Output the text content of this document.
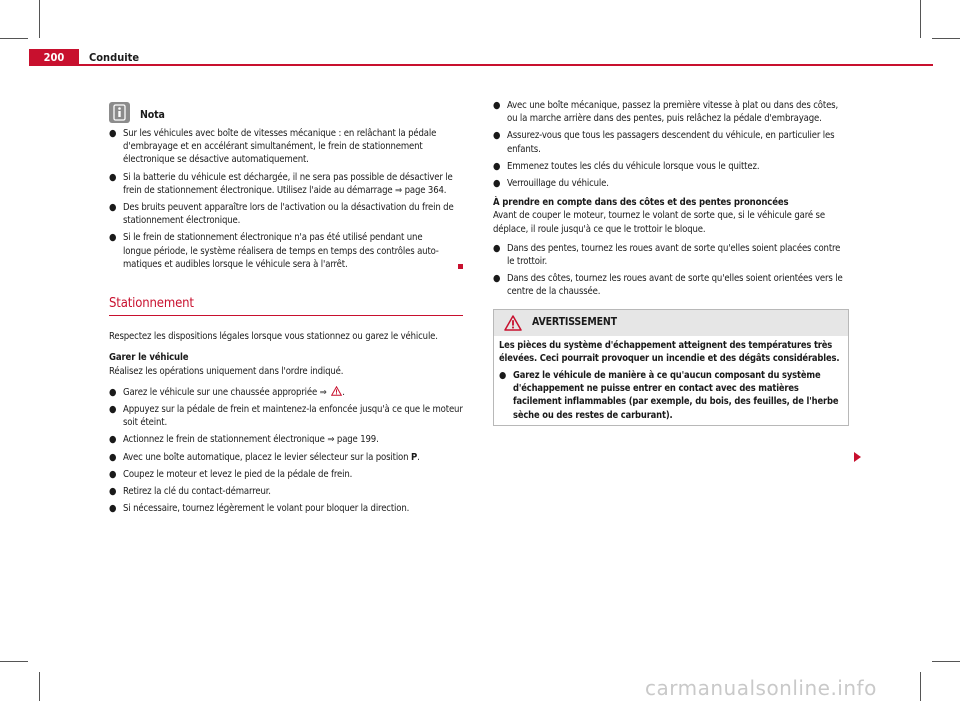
200	Conduite
Nota
● Sur les véhicules avec boîte de vitesses mécanique : en relâchant la pédale d'embrayage et en accélérant simultanément, le frein de stationnement électronique se désactive automatiquement.
● Si la batterie du véhicule est déchargée, il ne sera pas possible de désactiver le frein de stationnement électronique. Utilisez l'aide au démarrage ⇒ page 364.
● Des bruits peuvent apparaître lors de l'activation ou la désactivation du frein de stationnement électronique.
● Si le frein de stationnement électronique n'a pas été utilisé pendant une longue période, le système réalisera de temps en temps des contrôles automatiques et audibles lorsque le véhicule sera à l'arrêt.
Stationnement

Respectez les dispositions légales lorsque vous stationnez ou garez le véhicule.

Garer le véhicule

Réalisez les opérations uniquement dans l'ordre indiqué.

● Garez le véhicule sur une chaussée appropriée ⇒ .
● Appuyez sur la pédale de frein et maintenez-la enfoncée jusqu'à ce que le moteur soit éteint.
● Actionnez le frein de stationnement électronique ⇒ page 199.
● Avec une boîte automatique, placez le levier sélecteur sur la position P.
● Coupez le moteur et levez le pied de la pédale de frein.
● Retirez la clé du contact-démarreur.
● Si nécessaire, tournez légèrement le volant pour bloquer la direction.
● Avec une boîte mécanique, passez la première vitesse à plat ou dans des côtes, ou la marche arrière dans des pentes, puis relâchez la pédale d'embrayage.
● Assurez-vous que tous les passagers descendent du véhicule, en particulier les enfants.
● Emmenez toutes les clés du véhicule lorsque vous le quittez.
● Verrouillage du véhicule.

À prendre en compte dans des côtes et des pentes prononcées

Avant de couper le moteur, tournez le volant de sorte que, si le véhicule garé se déplace, il roule jusqu'à ce que le trottoir le bloque.

● Dans des pentes, tournez les roues avant de sorte qu'elles soient placées contre le trottoir.
● Dans des côtes, tournez les roues avant de sorte qu'elles soient orientées vers le centre de la chaussée.
AVERTISSEMENT

Les pièces du système d'échappement atteignent des températures très élevées. Ceci pourrait provoquer un incendie et des dégâts considérables.

● Garez le véhicule de manière à ce qu'aucun composant du système d'échappement ne puisse entrer en contact avec des matières facilement inflammables (par exemple, du bois, des feuilles, de l'herbe sèche ou des restes de carburant).
carmanualsonline.info
